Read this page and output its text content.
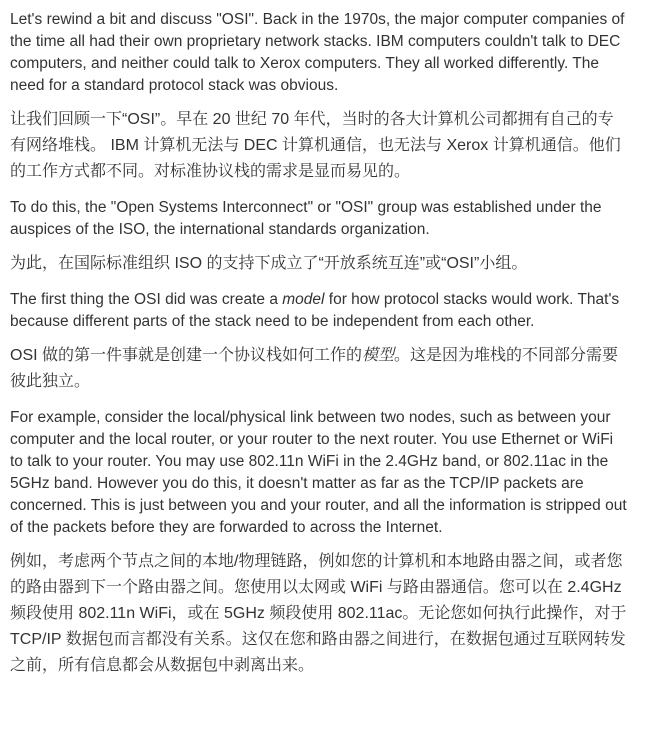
Let's rewind a bit and discuss "OSI". Back in the 1970s, the major computer companies of the time all had their own proprietary network stacks. IBM computers couldn't talk to DEC computers, and neither could talk to Xerox computers. They all worked differently. The need for a standard protocol stack was obvious.

让我们回顾一下“OSI”。早在 20 世纪 70 年代，当时的各大计算机公司都拥有自己的专有网络堆栈。 IBM 计算机无法与 DEC 计算机通信，也无法与 Xerox 计算机通信。他们的工作方式都不同。对标准协议栈的需求是显而易见的。

To do this, the "Open Systems Interconnect" or "OSI" group was established under the auspices of the ISO, the international standards organization.

为此，在国际标准组织 ISO 的支持下成立了“开放系统互连”或“OSI”小组。

The first thing the OSI did was create a model for how protocol stacks would work. That's because different parts of the stack need to be independent from each other.

OSI 做的第一件事就是创建一个协议栈如何工作的模型。这是因为堆栈的不同部分需要彼此独立。

For example, consider the local/physical link between two nodes, such as between your computer and the local router, or your router to the next router. You use Ethernet or WiFi to talk to your router. You may use 802.11n WiFi in the 2.4GHz band, or 802.11ac in the 5GHz band. However you do this, it doesn't matter as far as the TCP/IP packets are concerned. This is just between you and your router, and all the information is stripped out of the packets before they are forwarded to across the Internet.

例如，考虑两个节点之间的本地/物理链路，例如您的计算机和本地路由器之间，或者您的路由器到下一个路由器之间。您使用以太网或 WiFi 与路由器通信。您可以在 2.4GHz 频段使用 802.11n WiFi，或在 5GHz 频段使用 802.11ac。无论您如何执行此操作，对于 TCP/IP 数据包而言都没有关系。这仅在您和路由器之间进行，在数据包通过互联网转发之前，所有信息都会从数据包中剥离出来。
